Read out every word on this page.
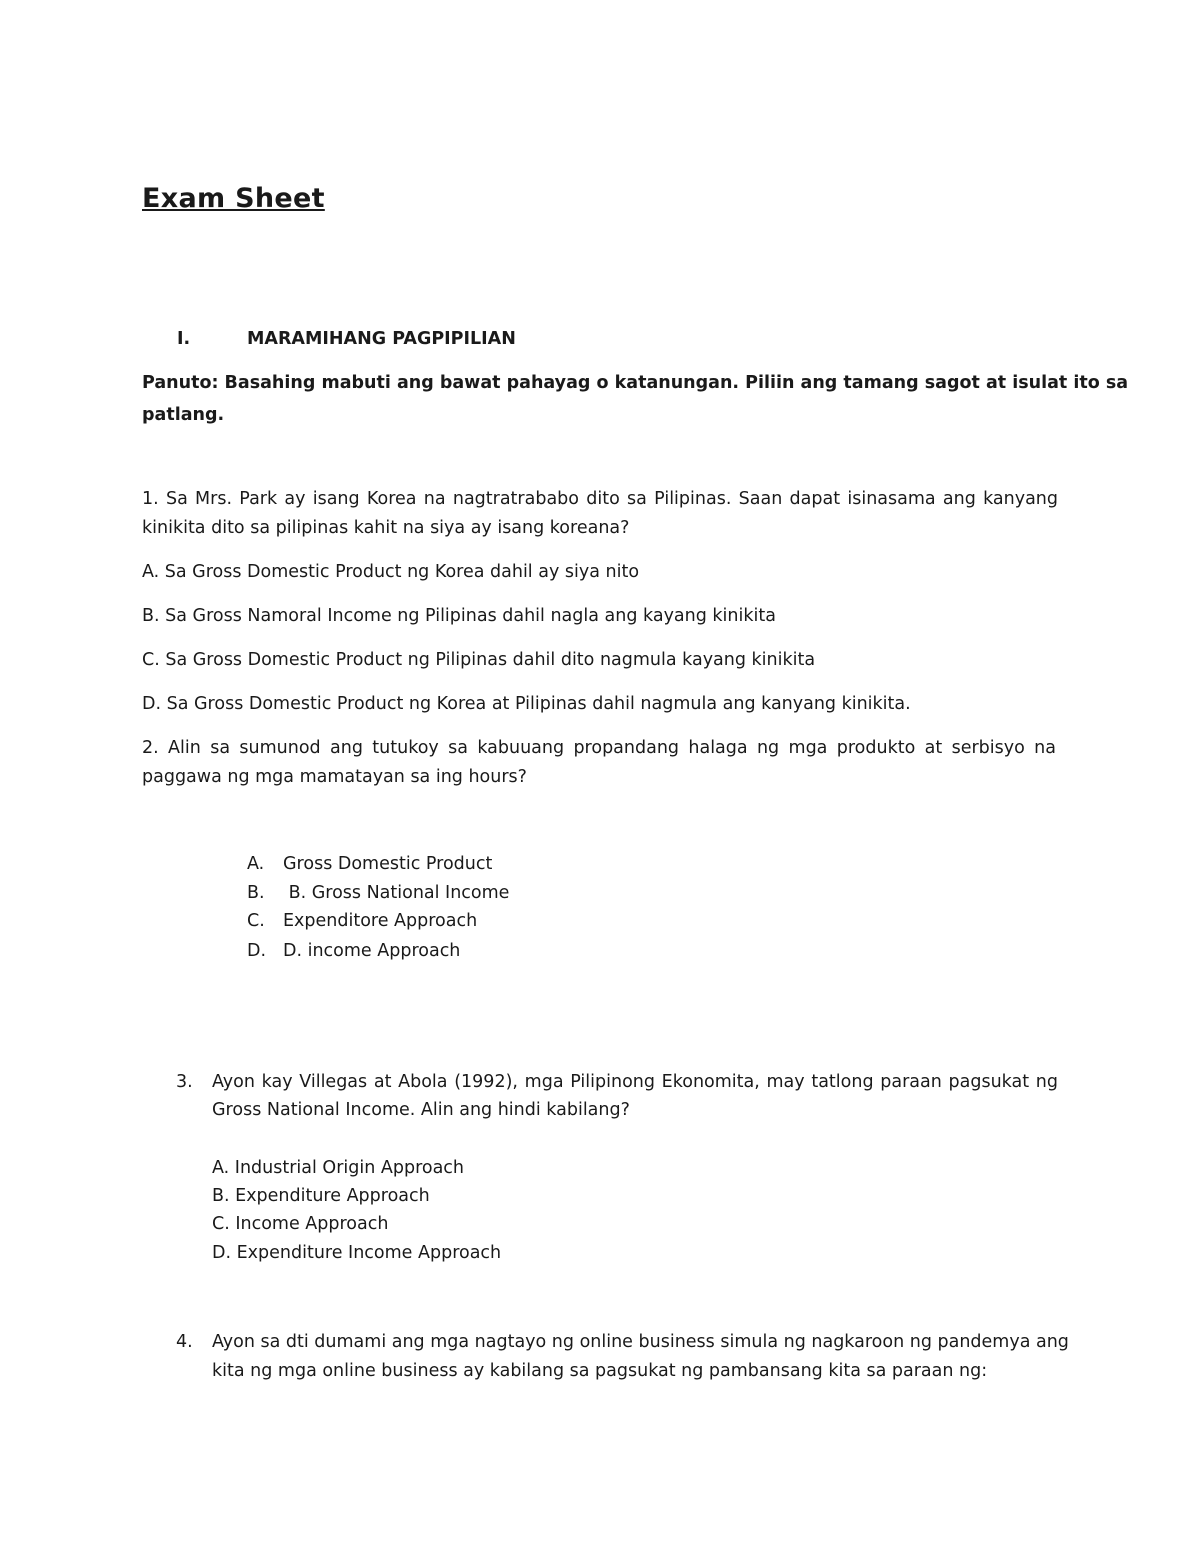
Exam Sheet
I.	MARAMIHANG PAGPIPILIAN
Panuto: Basahing mabuti ang bawat pahayag o katanungan. Piliin ang tamang sagot at isulat ito sa
patlang.
1. Sa Mrs. Park ay isang Korea na nagtratrababo dito sa Pilipinas. Saan dapat isinasama ang kanyang
kinikita dito sa pilipinas kahit na siya ay isang koreana?
A. Sa Gross Domestic Product ng Korea dahil ay siya nito
B. Sa Gross Namoral Income ng Pilipinas dahil nagla ang kayang kinikita
C. Sa Gross Domestic Product ng Pilipinas dahil dito nagmula kayang kinikita
D. Sa Gross Domestic Product ng Korea at Pilipinas dahil nagmula ang kanyang kinikita.
2. Alin sa sumunod ang tutukoy sa kabuuang propandang halaga ng mga produkto at serbisyo na
paggawa ng mga mamatayan sa ing hours?
A. Gross Domestic Product
B. B. Gross National Income
C. Expenditore Approach
D. D. income Approach
3. Ayon kay Villegas at Abola (1992), mga Pilipinong Ekonomita, may tatlong paraan pagsukat ng
Gross National Income. Alin ang hindi kabilang?
A. Industrial Origin Approach
B. Expenditure Approach
C. Income Approach
D. Expenditure Income Approach
4. Ayon sa dti dumami ang mga nagtayo ng online business simula ng nagkaroon ng pandemya ang
kita ng mga online business ay kabilang sa pagsukat ng pambansang kita sa paraan ng:
